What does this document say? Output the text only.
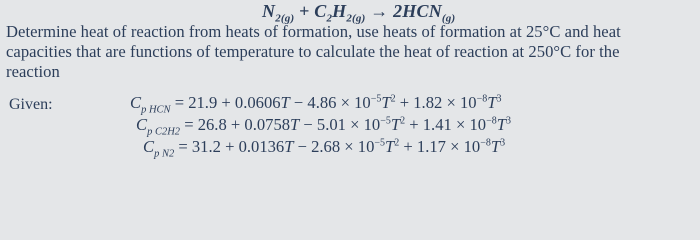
$N_{2(g)} + C_2H_{2(g)} \to 2HCN_{(g)}$
Determine heat of reaction from heats of formation, use heats of formation at 25°C and heat
capacities that are functions of temperature to calculate the heat of reaction at 250°C for the
reaction
Given:	$C_{p HCN} = 21.9 + 0.0606T - 4.86 \times 10^{-5}T^2 + 1.82 \times 10^{-8}T^3$
$C_{p C2H2} = 26.8 + 0.0758T - 5.01 \times 10^{-5}T^2 + 1.41 \times 10^{-8}T^3$
$C_{p N2} = 31.2 + 0.0136T - 2.68 \times 10^{-5}T^2 + 1.17 \times 10^{-8}T^3$
